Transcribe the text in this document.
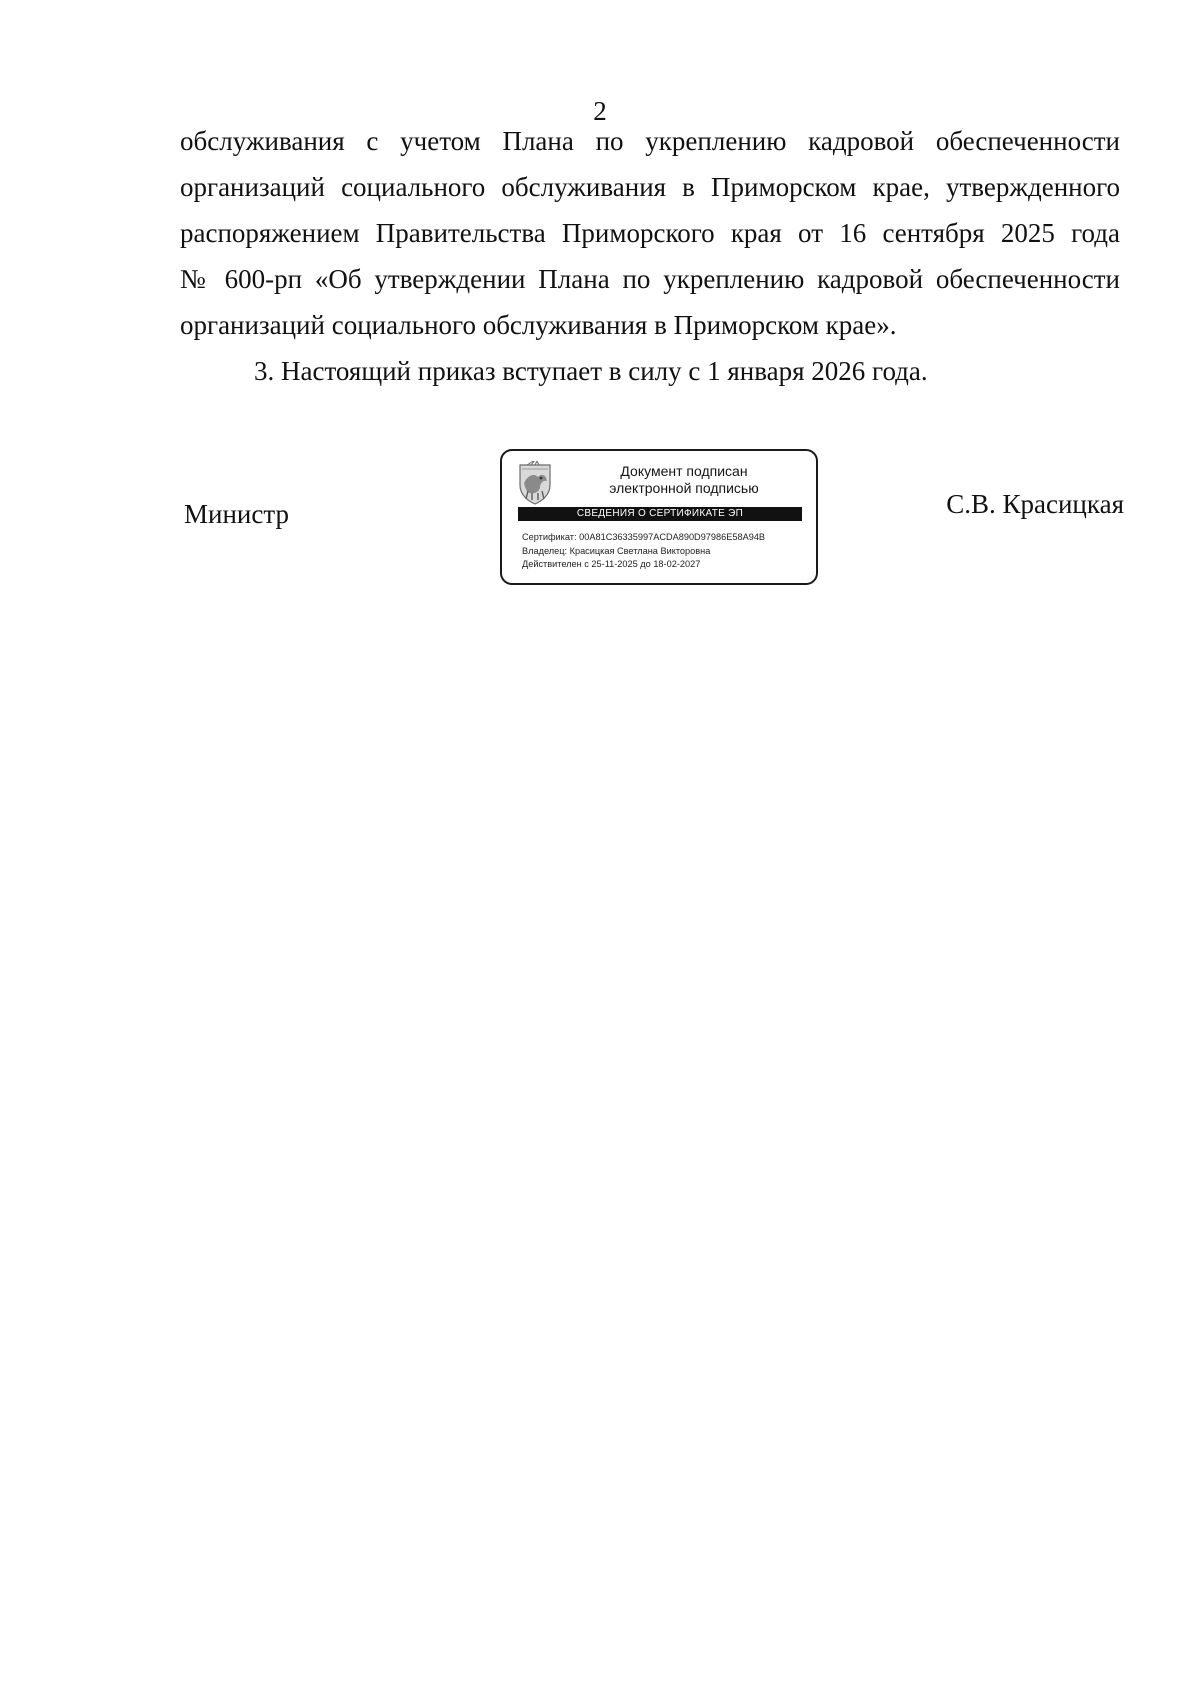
2

обслуживания с учетом Плана по укреплению кадровой обеспеченности

организаций социального обслуживания в Приморском крае, утвержденного

распоряжением Правительства Приморского края от 16 сентября 2025 года

№ 600-рп «Об утверждении Плана по укреплению кадровой обеспеченности

организаций социального обслуживания в Приморском крае».

3. Настоящий приказ вступает в силу с 1 января 2026 года.
Министр
Документ подписан
электронной подписью
СВЕДЕНИЯ О СЕРТИФИКАТЕ ЭП
Сертификат: 00A81C36335997ACDA890D97986E58A94B
Владелец: Красицкая Светлана Викторовна
Действителен с 25-11-2025 до 18-02-2027
С.В. Красицкая
